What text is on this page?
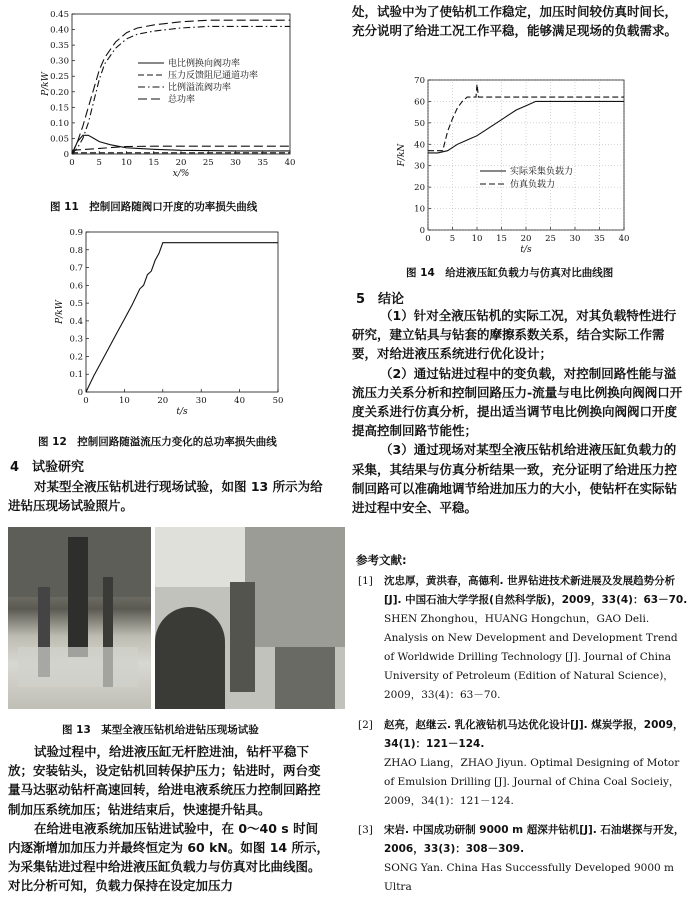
0
0.05
0.10
0.15
0.20
0.25
0.30
0.35
0.40
0.45
0	5 10 15 20 25 30 35 40
x/%
P/kW
电比例换向阀功率
压力反馈阻尼通道功率
比例溢流阀功率
总功率
图 11　控制回路随阀口开度的功率损失曲线
0
0.1
0.2
0.3
0.4
0.5
0.6
0.7
0.8
0.9
0	10	20	30	40	50
t/s
P/kW
图 12　控制回路随溢流压力变化的总功率损失曲线
4　试验研究

对某型全液压钻机进行现场试验，如图 13 所示为给进钻压现场试验照片。

图 13　某型全液压钻机给进钻压现场试验

试验过程中，给进液压缸无杆腔进油，钻杆平稳下放；安装钻头，设定钻机回转保护压力；钻进时，两台变量马达驱动钻杆高速回转，给进电液系统压力控制回路控制加压系统加压；钻进结束后，快速提升钻具。

在给进电液系统加压钻进试验中，在 0～40 s 时间内逐渐增加加压力并最终恒定为 60 kN。如图 14 所示，为采集钻进过程中给进液压缸负载力与仿真对比曲线图。对比分析可知，负载力保持在设定加压力

处，试验中为了使钻机工作稳定，加压时间较仿真时间长，充分说明了给进工况工作平稳，能够满足现场的负载需求。

0
10
20
30
40
50
60
70
0 5 10 15 20 25 30 35 40
t/s
F/kN
实际采集负载力
仿真负载力
图 14　给进液压缸负载力与仿真对比曲线图
5　结论

（1）针对全液压钻机的实际工况，对其负载特性进行研究，建立钻具与钻套的摩擦系数关系，结合实际工作需要，对给进液压系统进行优化设计；

（2）通过钻进过程中的变负载，对控制回路性能与溢流压力关系分析和控制回路压力-流量与电比例换向阀阀口开度关系进行仿真分析，提出适当调节电比例换向阀阀口开度提高控制回路节能性；

（3）通过现场对某型全液压钻机给进液压缸负载力的采集，其结果与仿真分析结果一致，充分证明了给进压力控制回路可以准确地调节给进加压力的大小，使钻杆在实际钻进过程中安全、平稳。

参考文献:
[1] 沈忠厚，黄洪春，高德利. 世界钻进技术新进展及发展趋势分析[J]. 中国石油大学学报(自然科学版)，2009，33(4)：63－70.
SHEN Zhonghou，HUANG Hongchun，GAO Deli. Analysis on New Development and Development Trend of Worldwide Drilling Technology [J]. Journal of China University of Petroleum (Edition of Natural Science)，2009，33(4)：63－70.
[2] 赵亮，赵继云. 乳化液钻机马达优化设计[J]. 煤炭学报，2009，34(1)：121－124.
ZHAO Liang，ZHAO Jiyun. Optimal Designing of Motor of Emulsion Drilling [J]. Journal of China Coal Socieiy，2009，34(1)：121－124.
[3] 宋岩. 中国成功研制 9000 m 超深井钻机[J]. 石油堪探与开发，2006，33(3)：308－309.
SONG Yan. China Has Successfully Developed 9000 m Ultra
